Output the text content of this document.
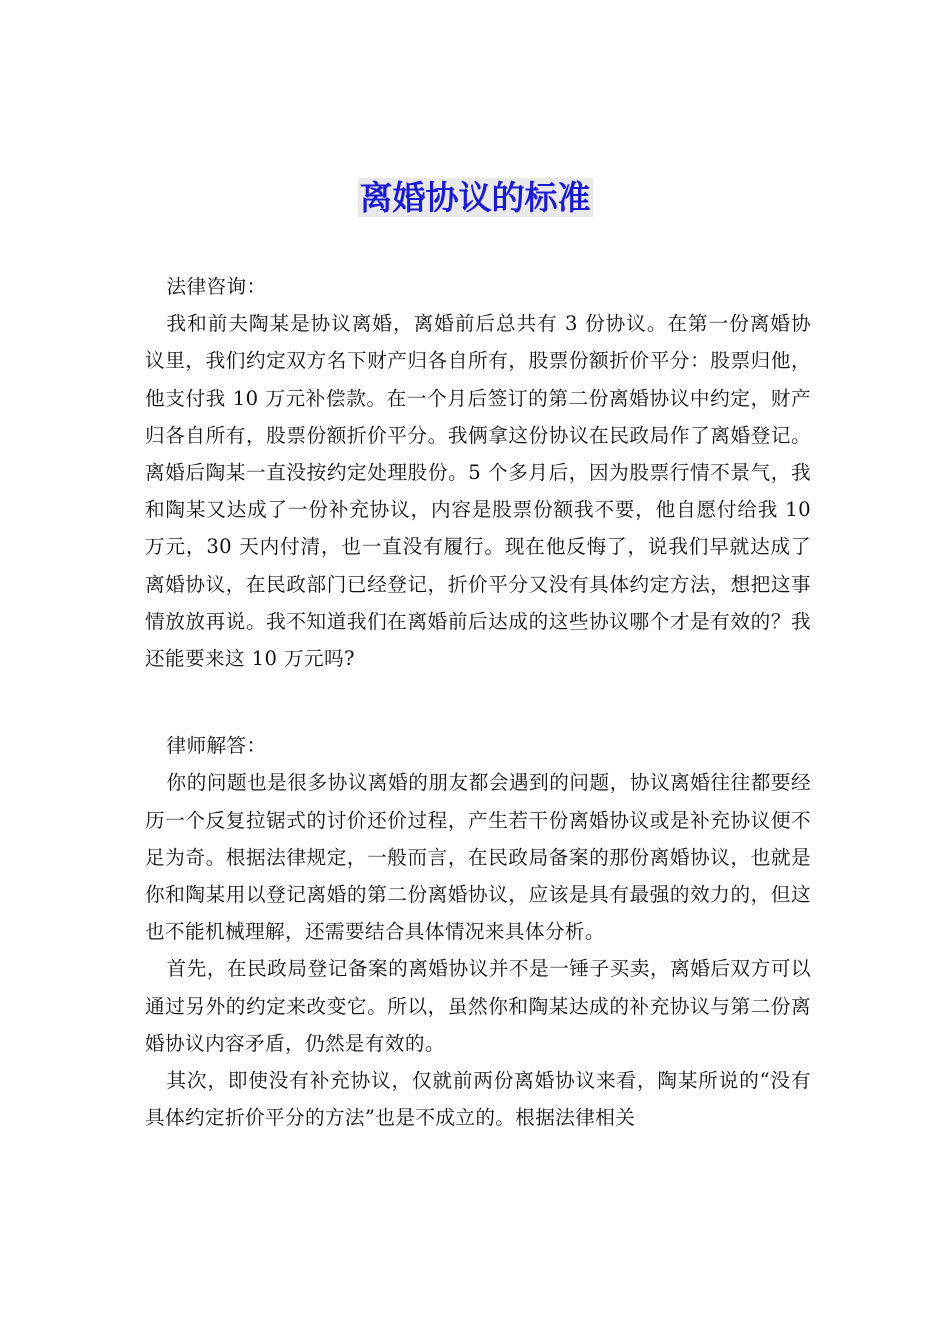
离婚协议的标准

法律咨询：

我和前夫陶某是协议离婚，离婚前后总共有 3 份协议。在第一份离婚协议里，我们约定双方名下财产归各自所有，股票份额折价平分：股票归他，他支付我 10 万元补偿款。在一个月后签订的第二份离婚协议中约定，财产归各自所有，股票份额折价平分。我俩拿这份协议在民政局作了离婚登记。离婚后陶某一直没按约定处理股份。5 个多月后，因为股票行情不景气，我和陶某又达成了一份补充协议，内容是股票份额我不要，他自愿付给我 10 万元，30 天内付清，也一直没有履行。现在他反悔了，说我们早就达成了离婚协议，在民政部门已经登记，折价平分又没有具体约定方法，想把这事情放放再说。我不知道我们在离婚前后达成的这些协议哪个才是有效的？我还能要来这 10 万元吗?

律师解答：

你的问题也是很多协议离婚的朋友都会遇到的问题，协议离婚往往都要经历一个反复拉锯式的讨价还价过程，产生若干份离婚协议或是补充协议便不足为奇。根据法律规定，一般而言，在民政局备案的那份离婚协议，也就是你和陶某用以登记离婚的第二份离婚协议，应该是具有最强的效力的，但这也不能机械理解，还需要结合具体情况来具体分析。

首先，在民政局登记备案的离婚协议并不是一锤子买卖，离婚后双方可以通过另外的约定来改变它。所以，虽然你和陶某达成的补充协议与第二份离婚协议内容矛盾，仍然是有效的。

其次，即使没有补充协议，仅就前两份离婚协议来看，陶某所说的“没有具体约定折价平分的方法”也是不成立的。根据法律相关
